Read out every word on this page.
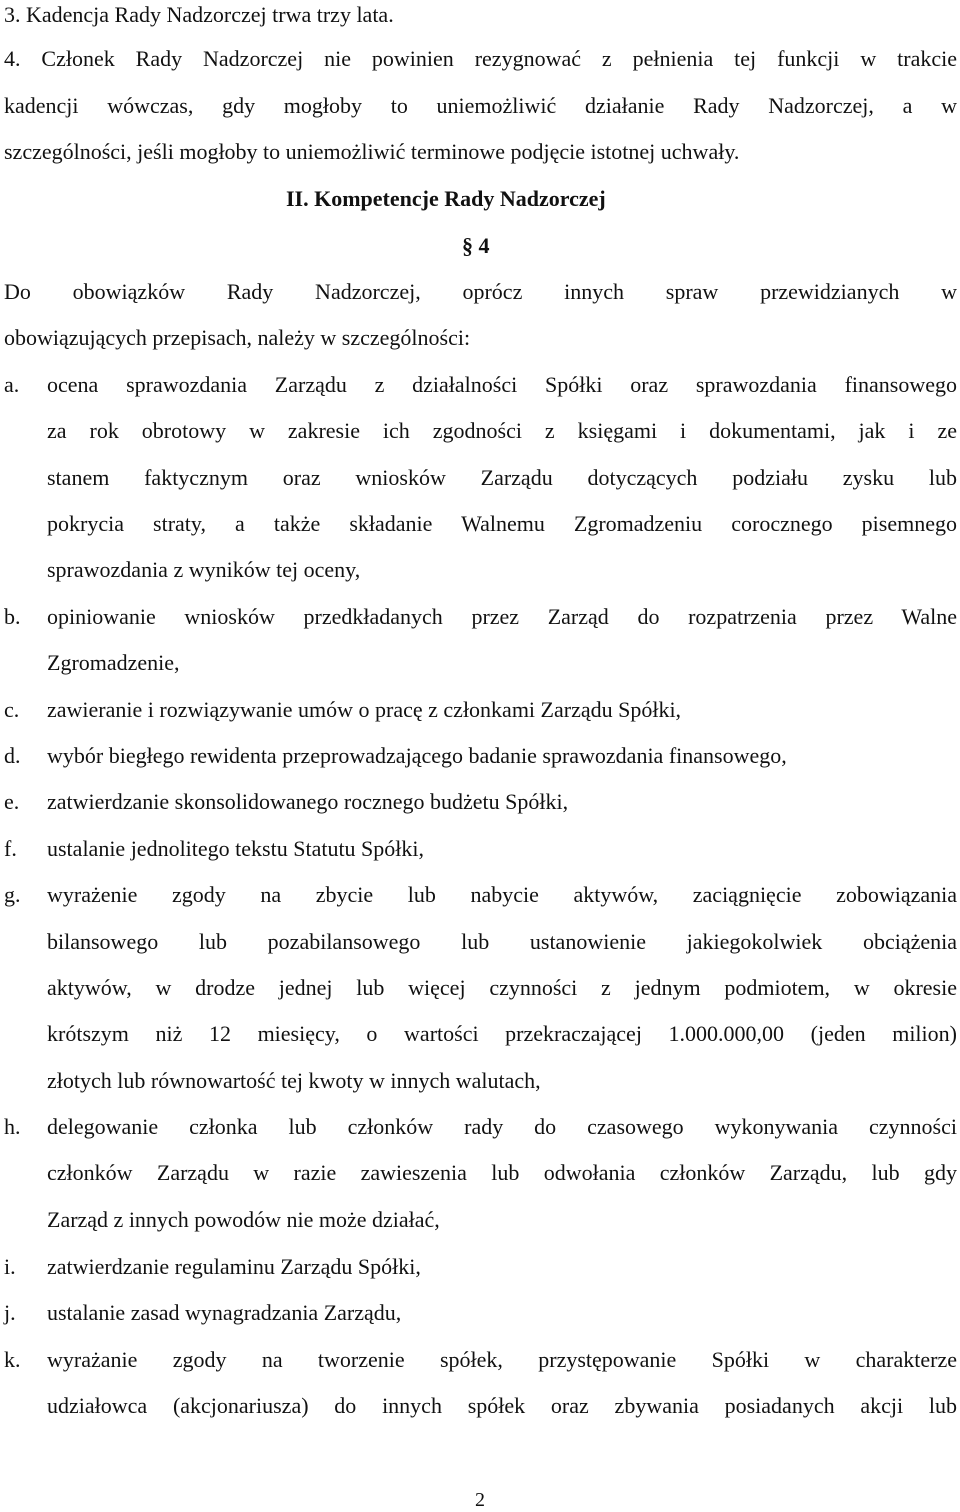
3. Kadencja Rady Nadzorczej trwa trzy lata.
4. Członek Rady Nadzorczej nie powinien rezygnować z pełnienia tej funkcji w trakcie
kadencji wówczas, gdy mogłoby to uniemożliwić działanie Rady Nadzorczej, a w
szczególności, jeśli mogłoby to uniemożliwić terminowe podjęcie istotnej uchwały.
II. Kompetencje Rady Nadzorczej
§ 4
Do obowiązków Rady Nadzorczej, oprócz innych spraw przewidzianych w
obowiązujących przepisach, należy w szczególności:
a. ocena sprawozdania Zarządu z działalności Spółki oraz sprawozdania finansowego
za rok obrotowy w zakresie ich zgodności z księgami i dokumentami, jak i ze
stanem faktycznym oraz wniosków Zarządu dotyczących podziału zysku lub
pokrycia straty, a także składanie Walnemu Zgromadzeniu corocznego pisemnego
sprawozdania z wyników tej oceny,
b. opiniowanie wniosków przedkładanych przez Zarząd do rozpatrzenia przez Walne
Zgromadzenie,
c. zawieranie i rozwiązywanie umów o pracę z członkami Zarządu Spółki,
d. wybór biegłego rewidenta przeprowadzającego badanie sprawozdania finansowego,
e. zatwierdzanie skonsolidowanego rocznego budżetu Spółki,
f. ustalanie jednolitego tekstu Statutu Spółki,
g. wyrażenie zgody na zbycie lub nabycie aktywów, zaciągnięcie zobowiązania
bilansowego lub pozabilansowego lub ustanowienie jakiegokolwiek obciążenia
aktywów, w drodze jednej lub więcej czynności z jednym podmiotem, w okresie
krótszym niż 12 miesięcy, o wartości przekraczającej 1.000.000,00 (jeden milion)
złotych lub równowartość tej kwoty w innych walutach,
h. delegowanie członka lub członków rady do czasowego wykonywania czynności
członków Zarządu w razie zawieszenia lub odwołania członków Zarządu, lub gdy
Zarząd z innych powodów nie może działać,
i. zatwierdzanie regulaminu Zarządu Spółki,
j. ustalanie zasad wynagradzania Zarządu,
k. wyrażanie zgody na tworzenie spółek, przystępowanie Spółki w charakterze
udziałowca (akcjonariusza) do innych spółek oraz zbywania posiadanych akcji lub
2
